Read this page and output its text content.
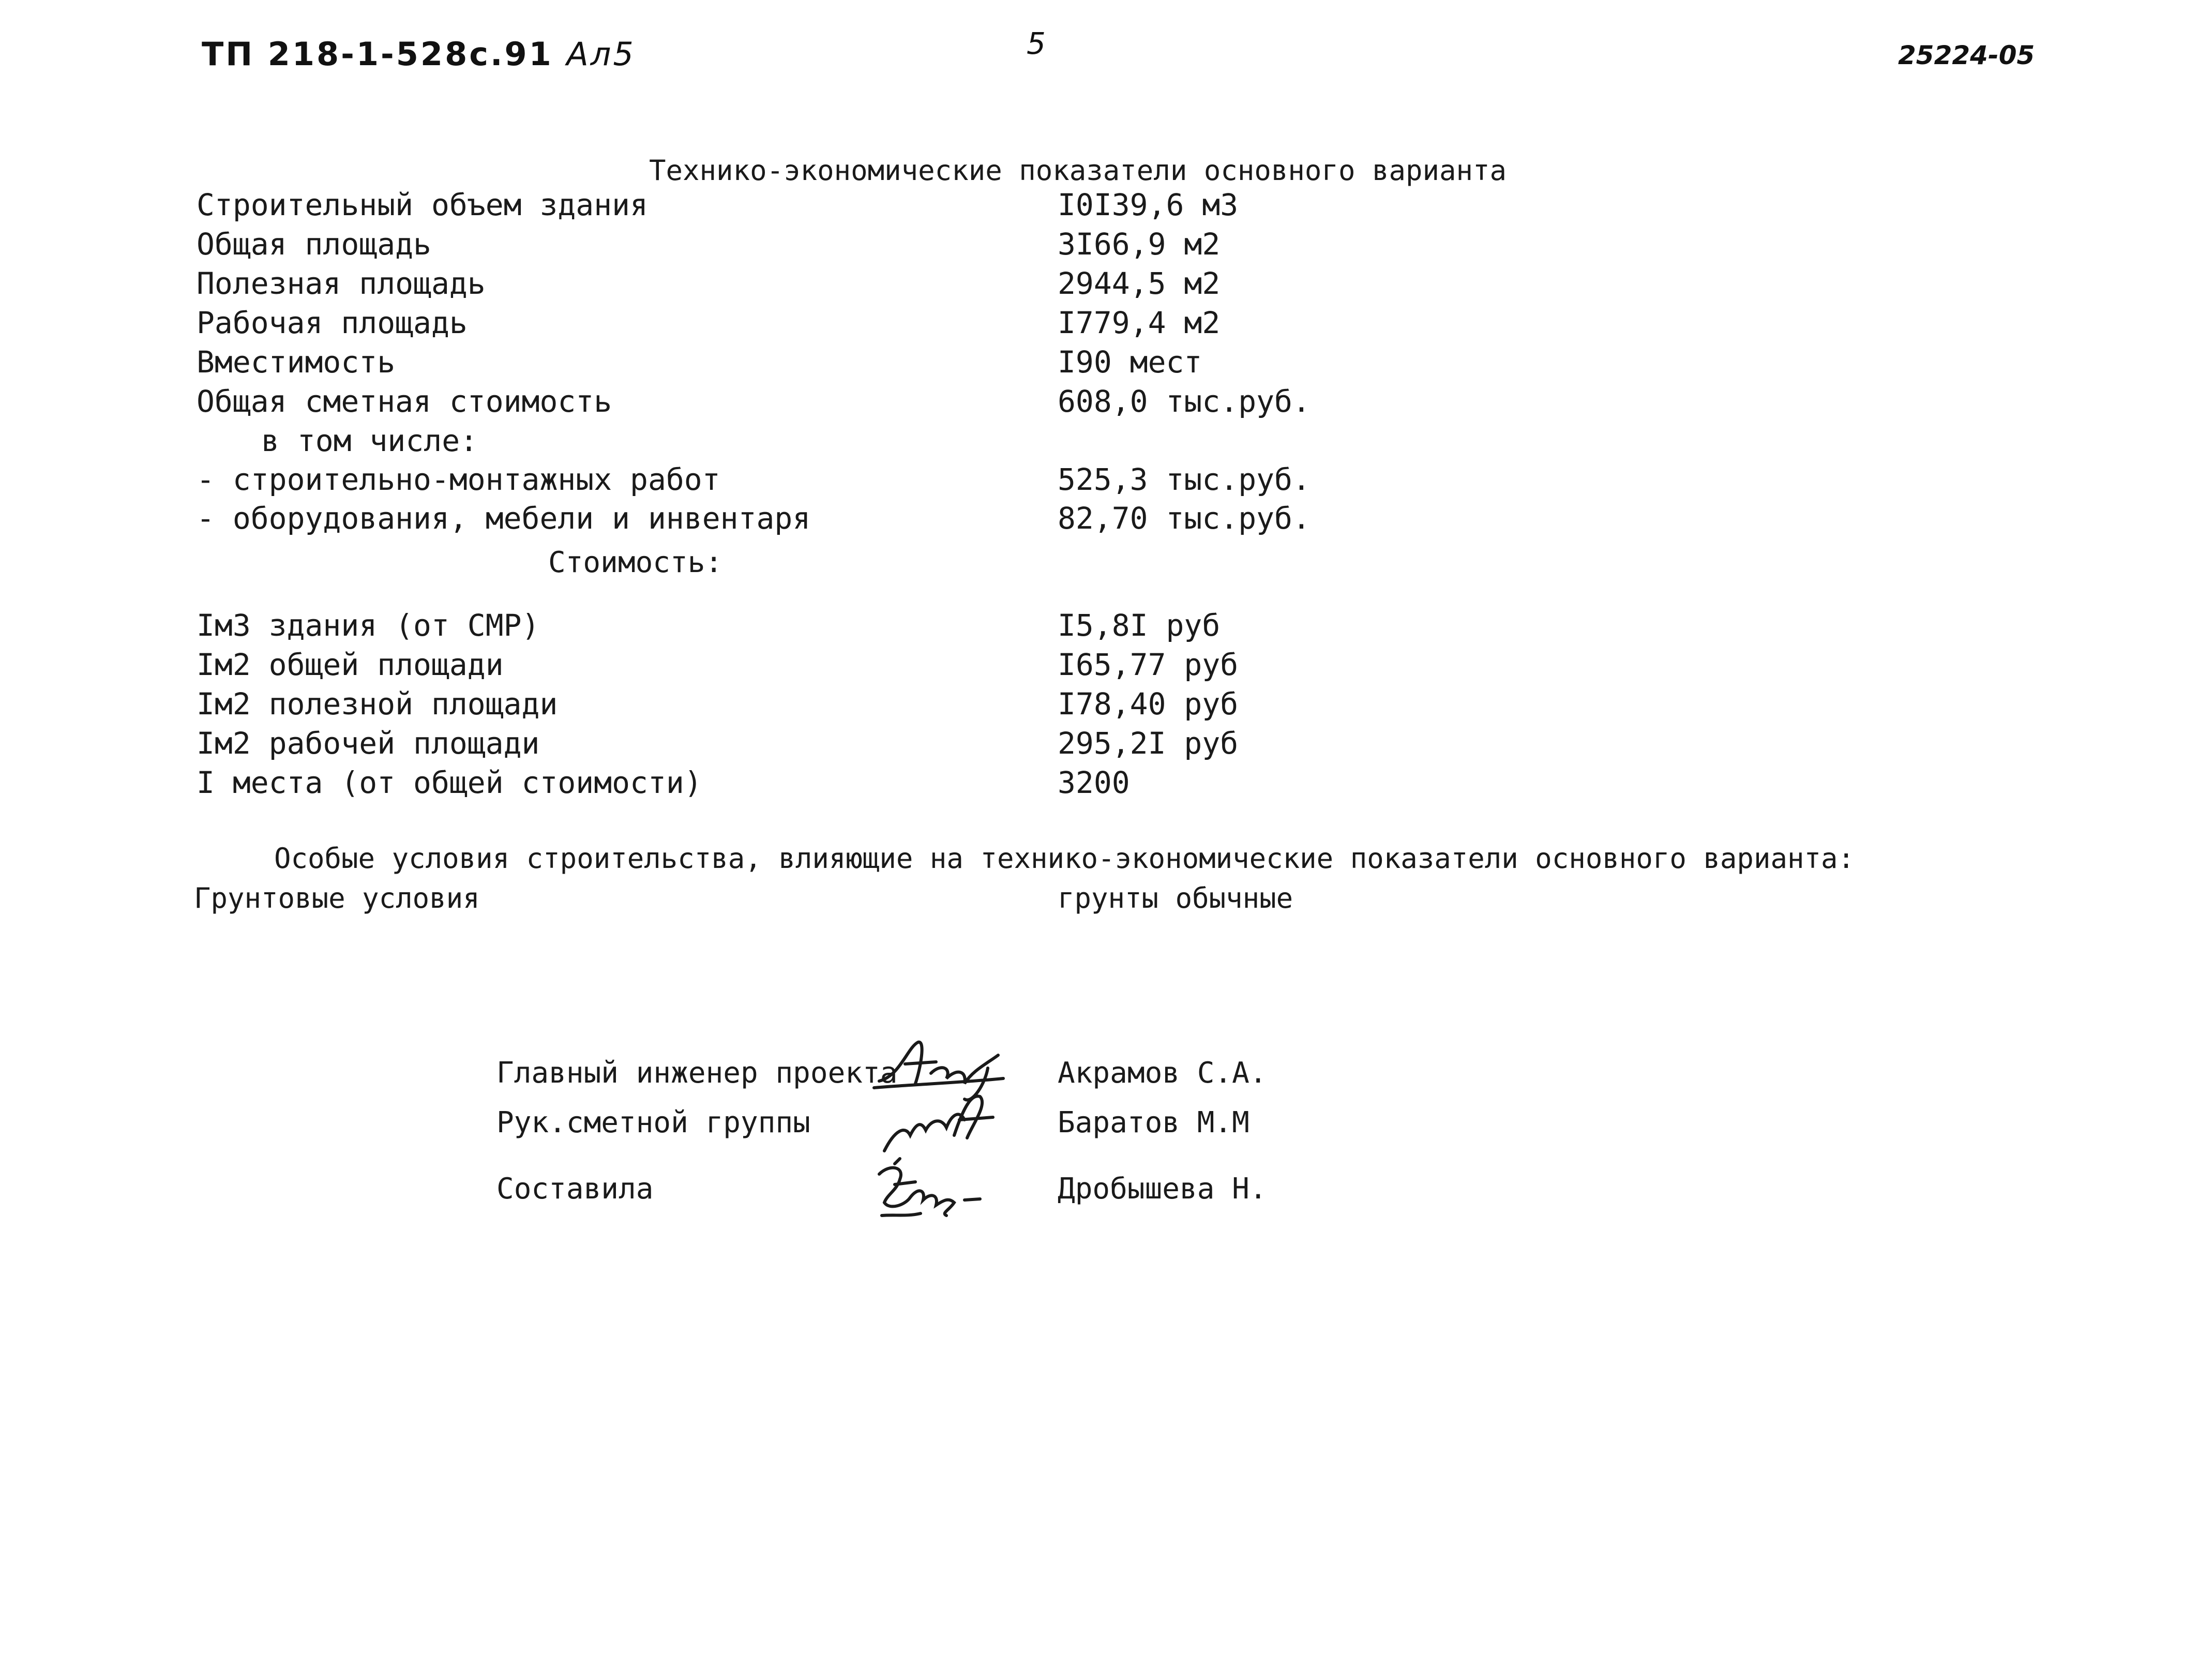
ТП 218-1-528с.91 Ал5	5	25224-05
Технико-экономические показатели основного варианта
Строительный объем здания	I0I39,6 м3
Общая площадь	3I66,9 м2
Полезная площадь	2944,5 м2
Рабочая площадь	I779,4 м2
Вместимость	I90 мест
Общая сметная стоимость	608,0 тыс.руб.
в том числе:
- строительно-монтажных работ	525,3 тыс.руб.
- оборудования, мебели и инвентаря	82,70 тыс.руб.
Стоимость:
Iм3 здания (от СМР)	I5,8I руб
Iм2 общей площади	I65,77 руб
Iм2 полезной площади	I78,40 руб
Iм2 рабочей площади	295,2I руб
I места (от общей стоимости)	3200
Особые условия строительства, влияющие на технико-экономические показатели основного варианта:
Грунтовые условия	грунты обычные
Главный инженер проекта	Акрамов С.А.
Рук.сметной группы	Баратов М.М
Составила	Дробышева Н.
